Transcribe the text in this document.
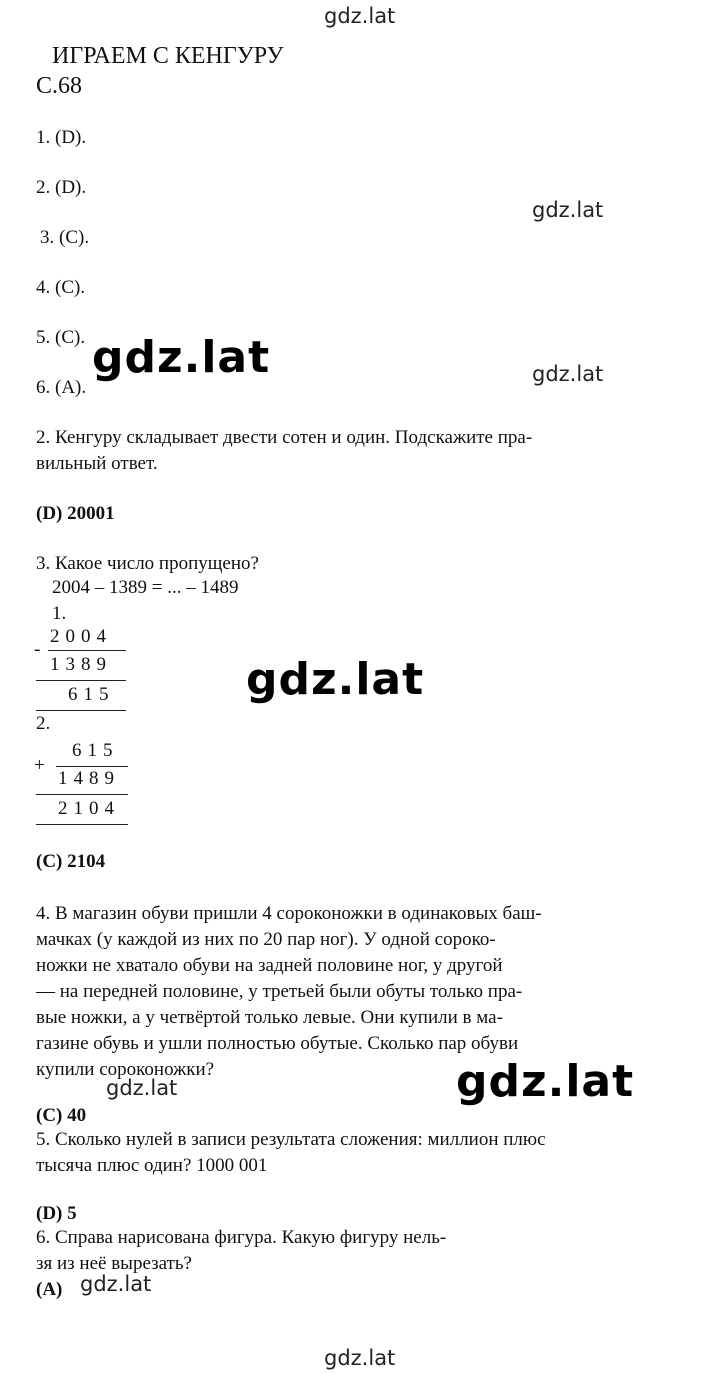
gdz.lat
gdz.lat
gdz.lat	gdz.lat
gdz.lat
gdz.lat
gdz.lat
gdz.lat
gdz.lat
ИГРАЕМ С КЕНГУРУ
С.68
1. (D).
2. (D).
3. (С).
4. (С).
5. (С).
6. (А).
2. Кенгуру складывает двести сотен и один. Подскажите пра-
вильный ответ.
(D) 20001
3. Какое число пропущено?
2004 – 1389 = ... – 1489
1.
-
2004
1389
615
2.
+
615
1489
2104
(C) 2104
4. В магазин обуви пришли 4 сороконожки в одинаковых баш-
мачках (у каждой из них по 20 пар ног). У одной сороко-
ножки не хватало обуви на задней половине ног, у другой
— на передней половине, у третьей были обуты только пра-
вые ножки, а у четвёртой только левые. Они купили в ма-
газине обувь и ушли полностью обутые. Сколько пар обуви
купили сороконожки?
(C) 40
5. Сколько нулей в записи результата сложения: миллион плюс
тысяча плюс один? 1000 001
(D) 5
6. Справа нарисована фигура. Какую фигуру нель-
зя из неё вырезать?
(A)
